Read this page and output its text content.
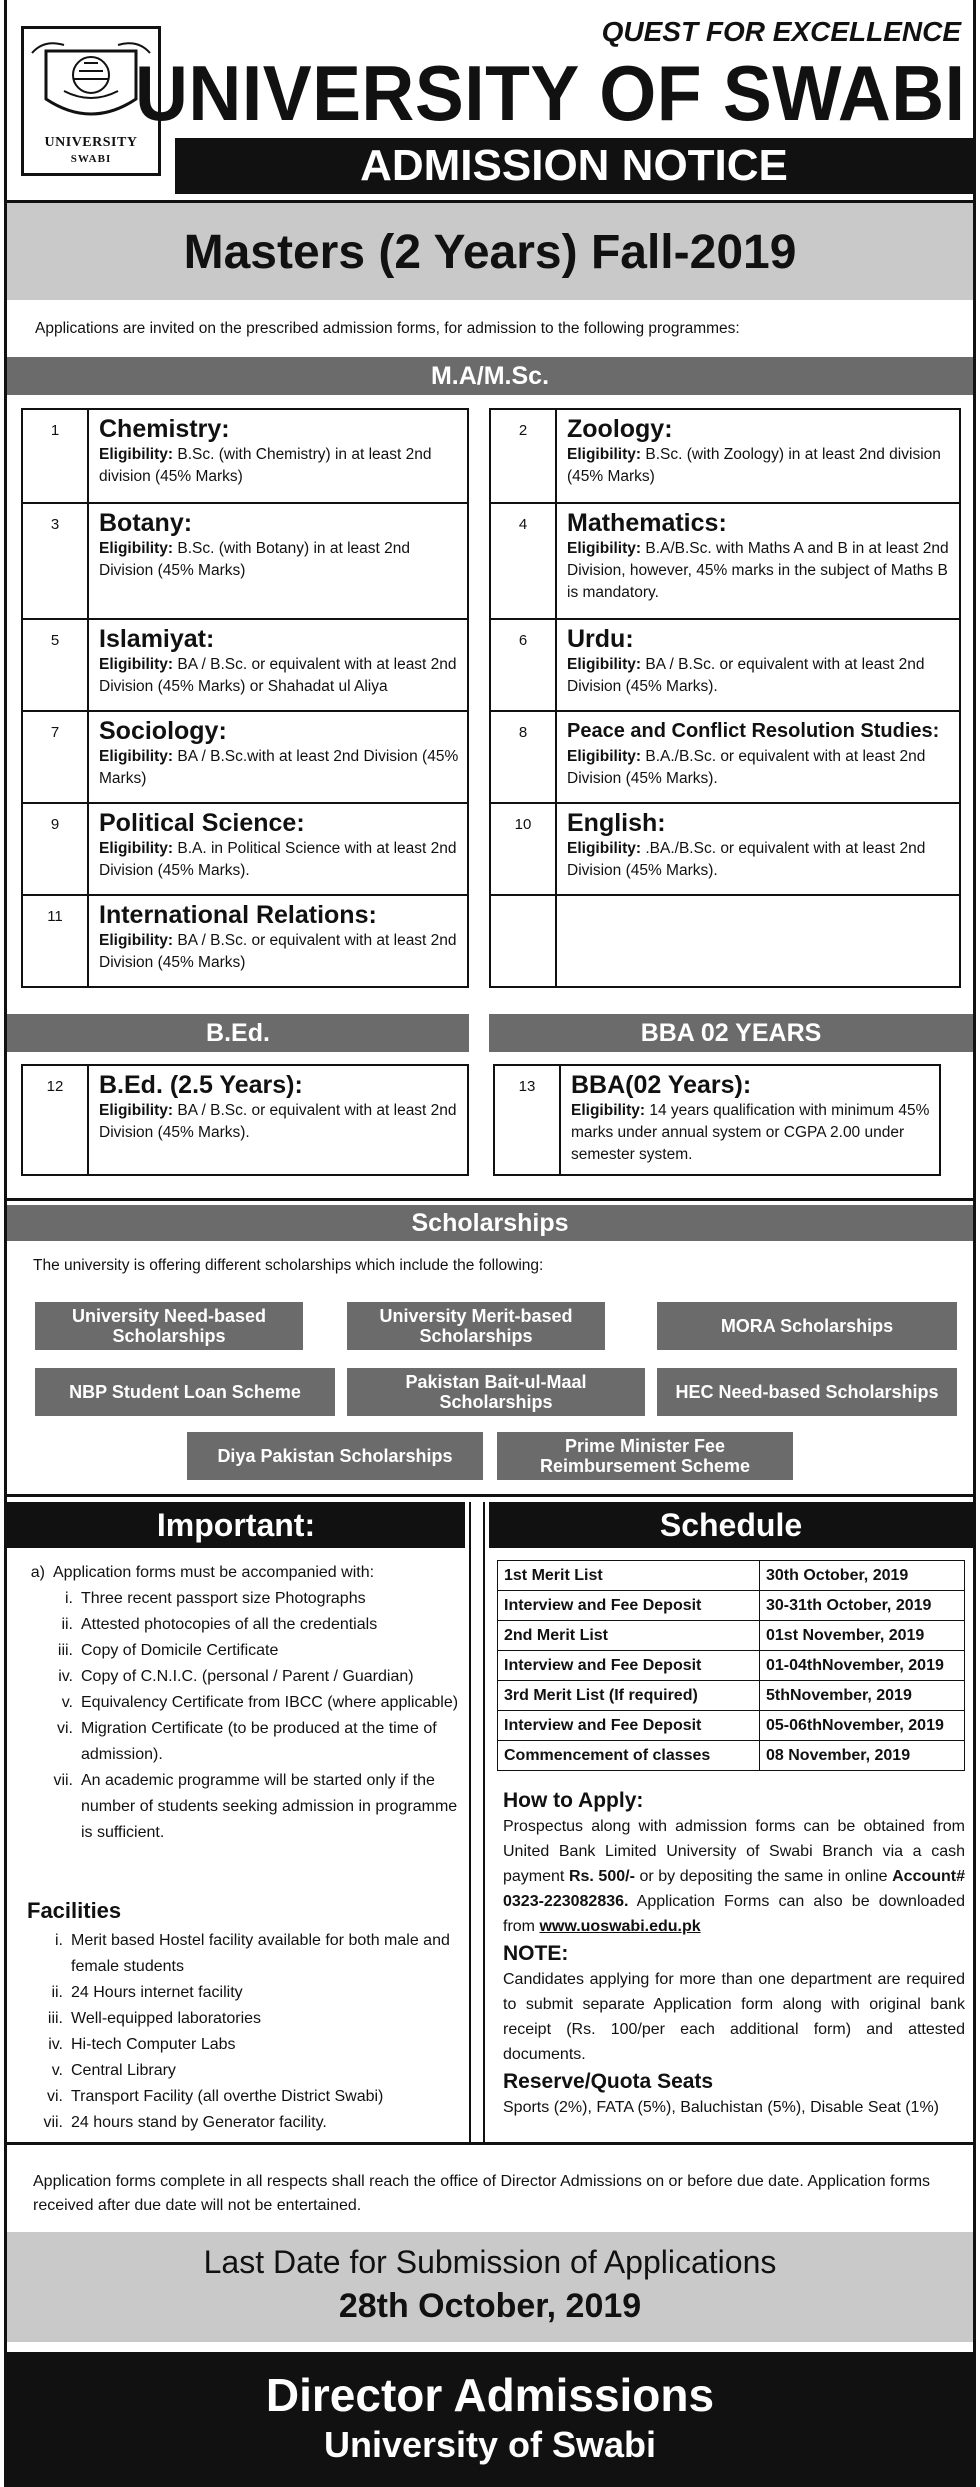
UNIVERSITY
SWABI
QUEST FOR EXCELLENCE
UNIVERSITY OF SWABI
ADMISSION NOTICE
Masters (2 Years) Fall-2019
Applications are invited on the prescribed admission forms, for admission to the following programmes:
M.A/M.Sc.
1	Chemistry:
Eligibility: B.Sc. (with Chemistry) in at least 2nd division (45% Marks)
3	Botany:
Eligibility: B.Sc. (with Botany) in at least 2nd Division (45% Marks)
5	Islamiyat:
Eligibility: BA / B.Sc. or equivalent with at least 2nd Division (45% Marks) or Shahadat ul Aliya
7	Sociology:
Eligibility: BA / B.Sc.with at least 2nd Division (45% Marks)
9	Political Science:
Eligibility: B.A. in Political Science with at least 2nd Division (45% Marks).
11	International Relations:
Eligibility: BA / B.Sc. or equivalent with at least 2nd Division (45% Marks)
2	Zoology:
Eligibility: B.Sc. (with Zoology) in at least 2nd division (45% Marks)
4	Mathematics:
Eligibility: B.A/B.Sc. with Maths A and B in at least 2nd Division, however, 45% marks in the subject of Maths B is mandatory.
6	Urdu:
Eligibility: BA / B.Sc. or equivalent with at least 2nd Division (45% Marks).
8	Peace and Conflict Resolution Studies:
Eligibility: B.A./B.Sc. or equivalent with at least 2nd Division (45% Marks).
10	English:
Eligibility: .BA./B.Sc. or equivalent with at least 2nd Division (45% Marks).
B.Ed.	BBA 02 YEARS
12	B.Ed. (2.5 Years):
Eligibility: BA / B.Sc. or equivalent with at least 2nd Division (45% Marks).
13	BBA(02 Years):
Eligibility: 14 years qualification with minimum 45% marks under annual system or CGPA 2.00 under semester system.
Scholarships
The university is offering different scholarships which include the following:
University Need-based Scholarships
University Merit-based Scholarships	MORA Scholarships
NBP Student Loan Scheme	Pakistan Bait-ul-Maal Scholarships	HEC Need-based Scholarships
Diya Pakistan Scholarships	Prime Minister Fee Reimbursement Scheme
Important:	Schedule
a) Application forms must be accompanied with:
i. Three recent passport size Photographs
ii. Attested photocopies of all the credentials
iii. Copy of Domicile Certificate
iv. Copy of C.N.I.C. (personal / Parent / Guardian)
v. Equivalency Certificate from IBCC (where applicable)
vi. Migration Certificate (to be produced at the time of admission).
vii. An academic programme will be started only if the number of students seeking admission in programme is sufficient.
Facilities
i. Merit based Hostel facility available for both male and female students
ii. 24 Hours internet facility
iii. Well-equipped laboratories
iv. Hi-tech Computer Labs
v. Central Library
vi. Transport Facility (all overthe District Swabi)
vii. 24 hours stand by Generator facility.
1st Merit List	30th October, 2019
Interview and Fee Deposit	30-31th October, 2019
2nd Merit List	01st November, 2019
Interview and Fee Deposit	01-04thNovember, 2019
3rd Merit List (If required)	5thNovember, 2019
Interview and Fee Deposit	05-06thNovember, 2019
Commencement of classes	08 November, 2019
How to Apply:

Prospectus along with admission forms can be obtained from United Bank Limited University of Swabi Branch via a cash payment Rs. 500/- or by depositing the same in online Account# 0323-223082836. Application Forms can also be downloaded from www.uoswabi.edu.pk

NOTE:

Candidates applying for more than one department are required to submit separate Application form along with original bank receipt (Rs. 100/per each additional form) and attested documents.

Reserve/Quota Seats

Sports (2%), FATA (5%), Baluchistan (5%), Disable Seat (1%)

Application forms complete in all respects shall reach the office of Director Admissions on or before due date. Application forms received after due date will not be entertained.
Last Date for Submission of Applications
28th October, 2019
Director Admissions
University of Swabi
